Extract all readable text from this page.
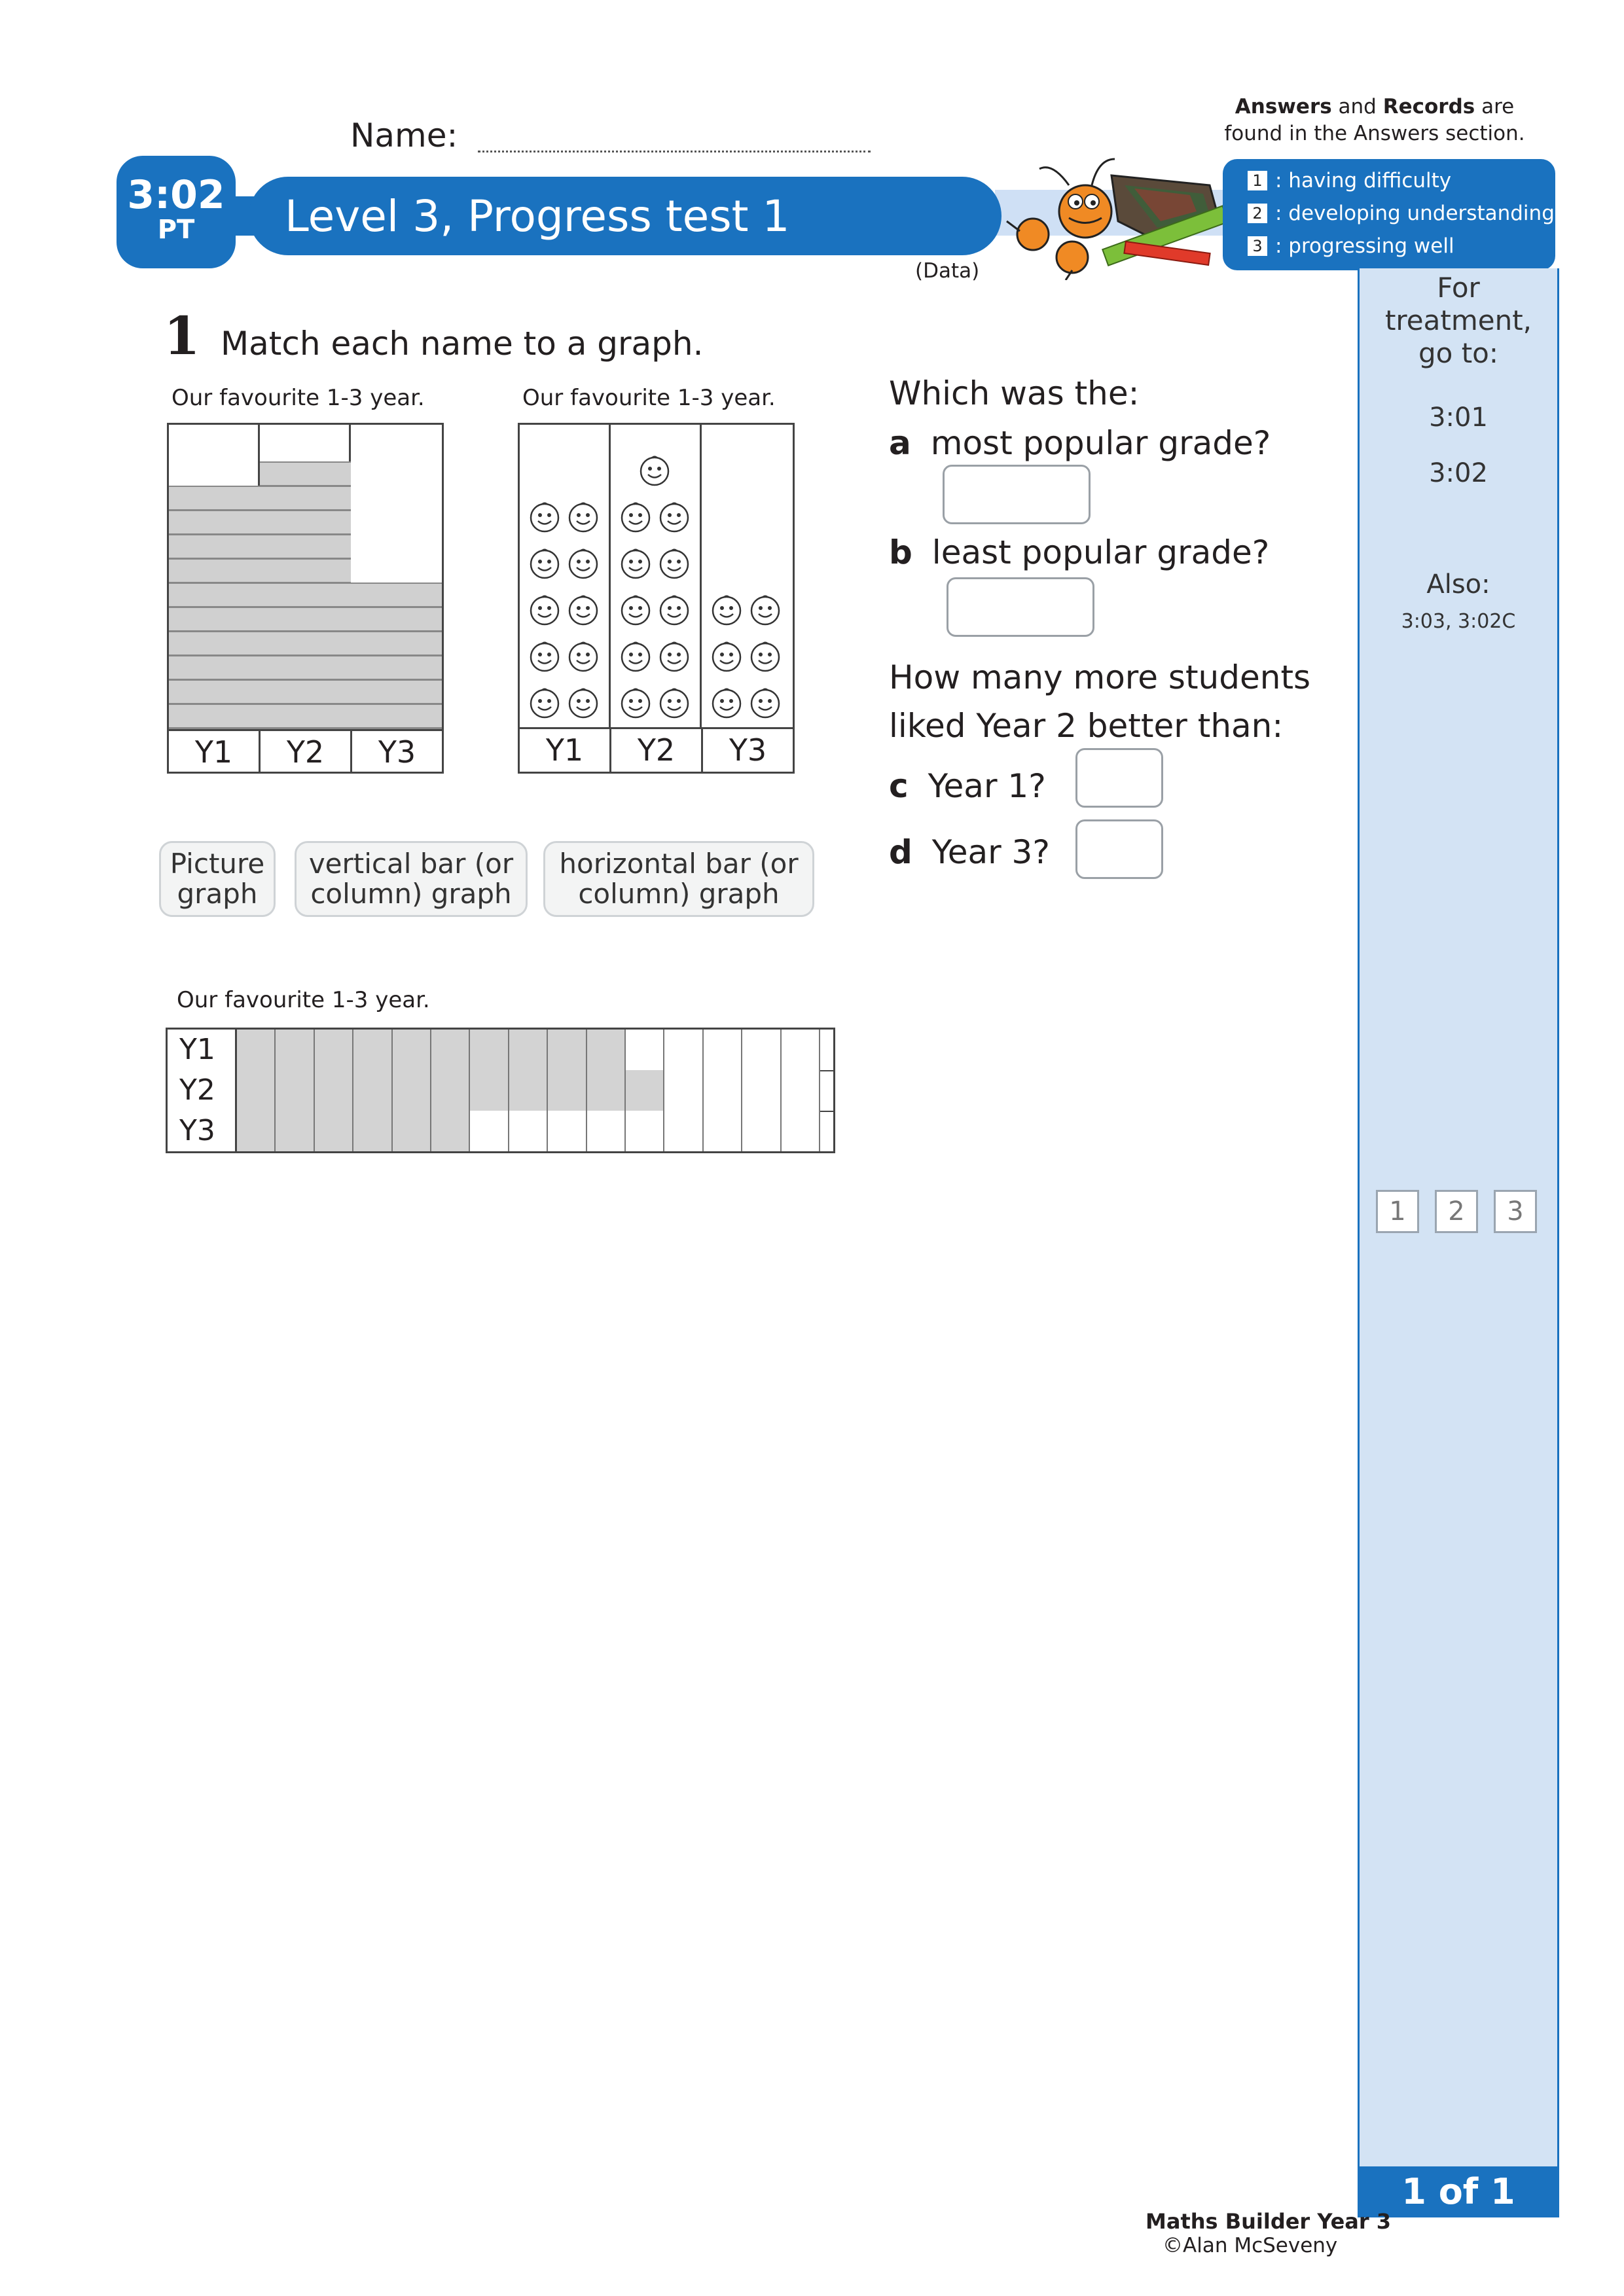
Name:
Answers and Records are
found in the Answers section.
3:02
PT	Level 3, Progress test 1
(Data)
1 : having difficulty
2 : developing understanding
3 : progressing well
For treatment,
go to:
3:01
3:02
Also:
3:03, 3:02C
1	2	3
1 of 1
1 Match each name to a graph.
Our favourite 1-3 year.
Y1	Y2	Y3
Our favourite 1-3 year.
Y1	Y2	Y3
Picture
graph
vertical bar (or
column) graph
horizontal bar (or
column) graph
Our favourite 1-3 year.
Y1
Y2
Y3
Which was the:
a most popular grade?
b least popular grade?
How many more students
liked Year 2 better than:
c Year 1?
d Year 3?
Maths Builder Year 3
©Alan McSeveny
